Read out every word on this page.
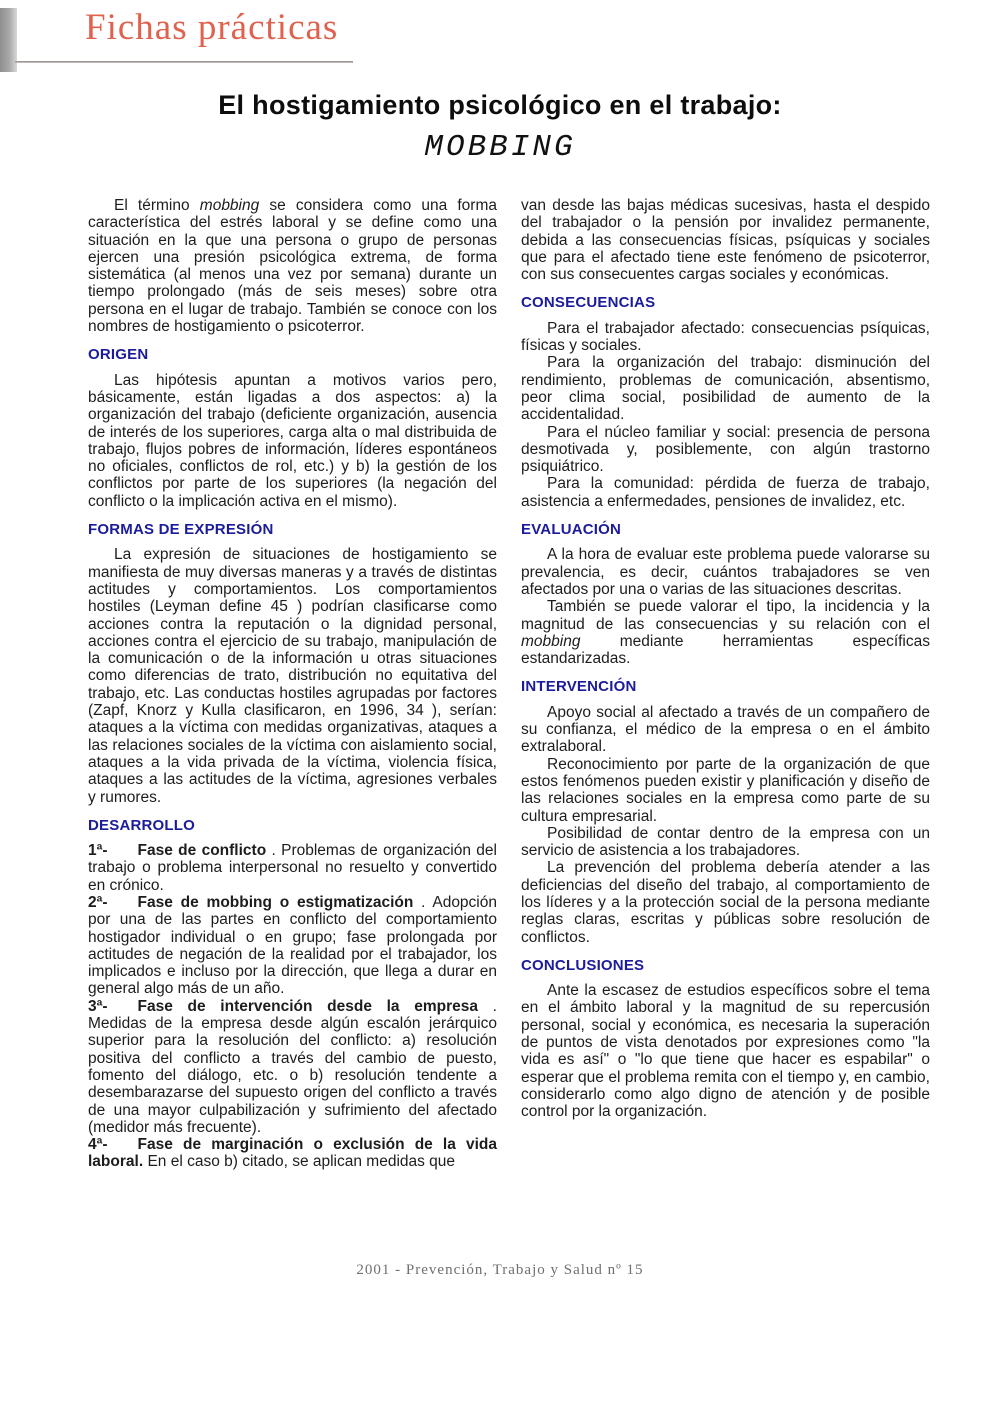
Fichas prácticas
El hostigamiento psicológico en el trabajo:
MOBBING

El término mobbing se considera como una forma característica del estrés laboral y se define como una situación en la que una persona o grupo de personas ejercen una presión psicológica extrema, de forma sistemática (al menos una vez por semana) durante un tiempo prolongado (más de seis meses) sobre otra persona en el lugar de trabajo. También se conoce con los nombres de hostigamiento o psicoterror.

ORIGEN

Las hipótesis apuntan a motivos varios pero, básicamente, están ligadas a dos aspectos: a) la organización del trabajo (deficiente organización, ausencia de interés de los superiores, carga alta o mal distribuida de trabajo, flujos pobres de información, líderes espontáneos no oficiales, conflictos de rol, etc.) y b) la gestión de los conflictos por parte de los superiores (la negación del conflicto o la implicación activa en el mismo).

FORMAS DE EXPRESIÓN

La expresión de situaciones de hostigamiento se manifiesta de muy diversas maneras y a través de distintas actitudes y comportamientos. Los comportamientos hostiles (Leyman define 45 ) podrían clasificarse como acciones contra la reputación o la dignidad personal, acciones contra el ejercicio de su trabajo, manipulación de la comunicación o de la información u otras situaciones como diferencias de trato, distribución no equitativa del trabajo, etc. Las conductas hostiles agrupadas por factores (Zapf, Knorz y Kulla clasificaron, en 1996, 34 ), serían: ataques a la víctima con medidas organizativas, ataques a las relaciones sociales de la víctima con aislamiento social, ataques a la vida privada de la víctima, violencia física, ataques a las actitudes de la víctima, agresiones verbales y rumores.

DESARROLLO

1ª- Fase de conflicto . Problemas de organización del trabajo o problema interpersonal no resuelto y convertido en crónico.

2ª- Fase de mobbing o estigmatización . Adopción por una de las partes en conflicto del comportamiento hostigador individual o en grupo; fase prolongada por actitudes de negación de la realidad por el trabajador, los implicados e incluso por la dirección, que llega a durar en general algo más de un año.

3ª- Fase de intervención desde la empresa . Medidas de la empresa desde algún escalón jerárquico superior para la resolución del conflicto: a) resolución positiva del conflicto a través del cambio de puesto, fomento del diálogo, etc. o b) resolución tendente a desembarazarse del supuesto origen del conflicto a través de una mayor culpabilización y sufrimiento del afectado (medidor más frecuente).

4ª- Fase de marginación o exclusión de la vida laboral. En el caso b) citado, se aplican medidas que

van desde las bajas médicas sucesivas, hasta el despido del trabajador o la pensión por invalidez permanente, debida a las consecuencias físicas, psíquicas y sociales que para el afectado tiene este fenómeno de psicoterror, con sus consecuentes cargas sociales y económicas.

CONSECUENCIAS

Para el trabajador afectado: consecuencias psíquicas, físicas y sociales.

Para la organización del trabajo: disminución del rendimiento, problemas de comunicación, absentismo, peor clima social, posibilidad de aumento de la accidentalidad.

Para el núcleo familiar y social: presencia de persona desmotivada y, posiblemente, con algún trastorno psiquiátrico.

Para la comunidad: pérdida de fuerza de trabajo, asistencia a enfermedades, pensiones de invalidez, etc.

EVALUACIÓN

A la hora de evaluar este problema puede valorarse su prevalencia, es decir, cuántos trabajadores se ven afectados por una o varias de las situaciones descritas.

También se puede valorar el tipo, la incidencia y la magnitud de las consecuencias y su relación con el mobbing mediante herramientas específicas estandarizadas.

INTERVENCIÓN

Apoyo social al afectado a través de un compañero de su confianza, el médico de la empresa o en el ámbito extralaboral.

Reconocimiento por parte de la organización de que estos fenómenos pueden existir y planificación y diseño de las relaciones sociales en la empresa como parte de su cultura empresarial.

Posibilidad de contar dentro de la empresa con un servicio de asistencia a los trabajadores.

La prevención del problema debería atender a las deficiencias del diseño del trabajo, al comportamiento de los líderes y a la protección social de la persona mediante reglas claras, escritas y públicas sobre resolución de conflictos.

CONCLUSIONES

Ante la escasez de estudios específicos sobre el tema en el ámbito laboral y la magnitud de su repercusión personal, social y económica, es necesaria la superación de puntos de vista denotados por expresiones como "la vida es así" o "lo que tiene que hacer es espabilar" o esperar que el problema remita con el tiempo y, en cambio, considerarlo como algo digno de atención y de posible control por la organización.

2001 - Prevención, Trabajo y Salud nº 15
